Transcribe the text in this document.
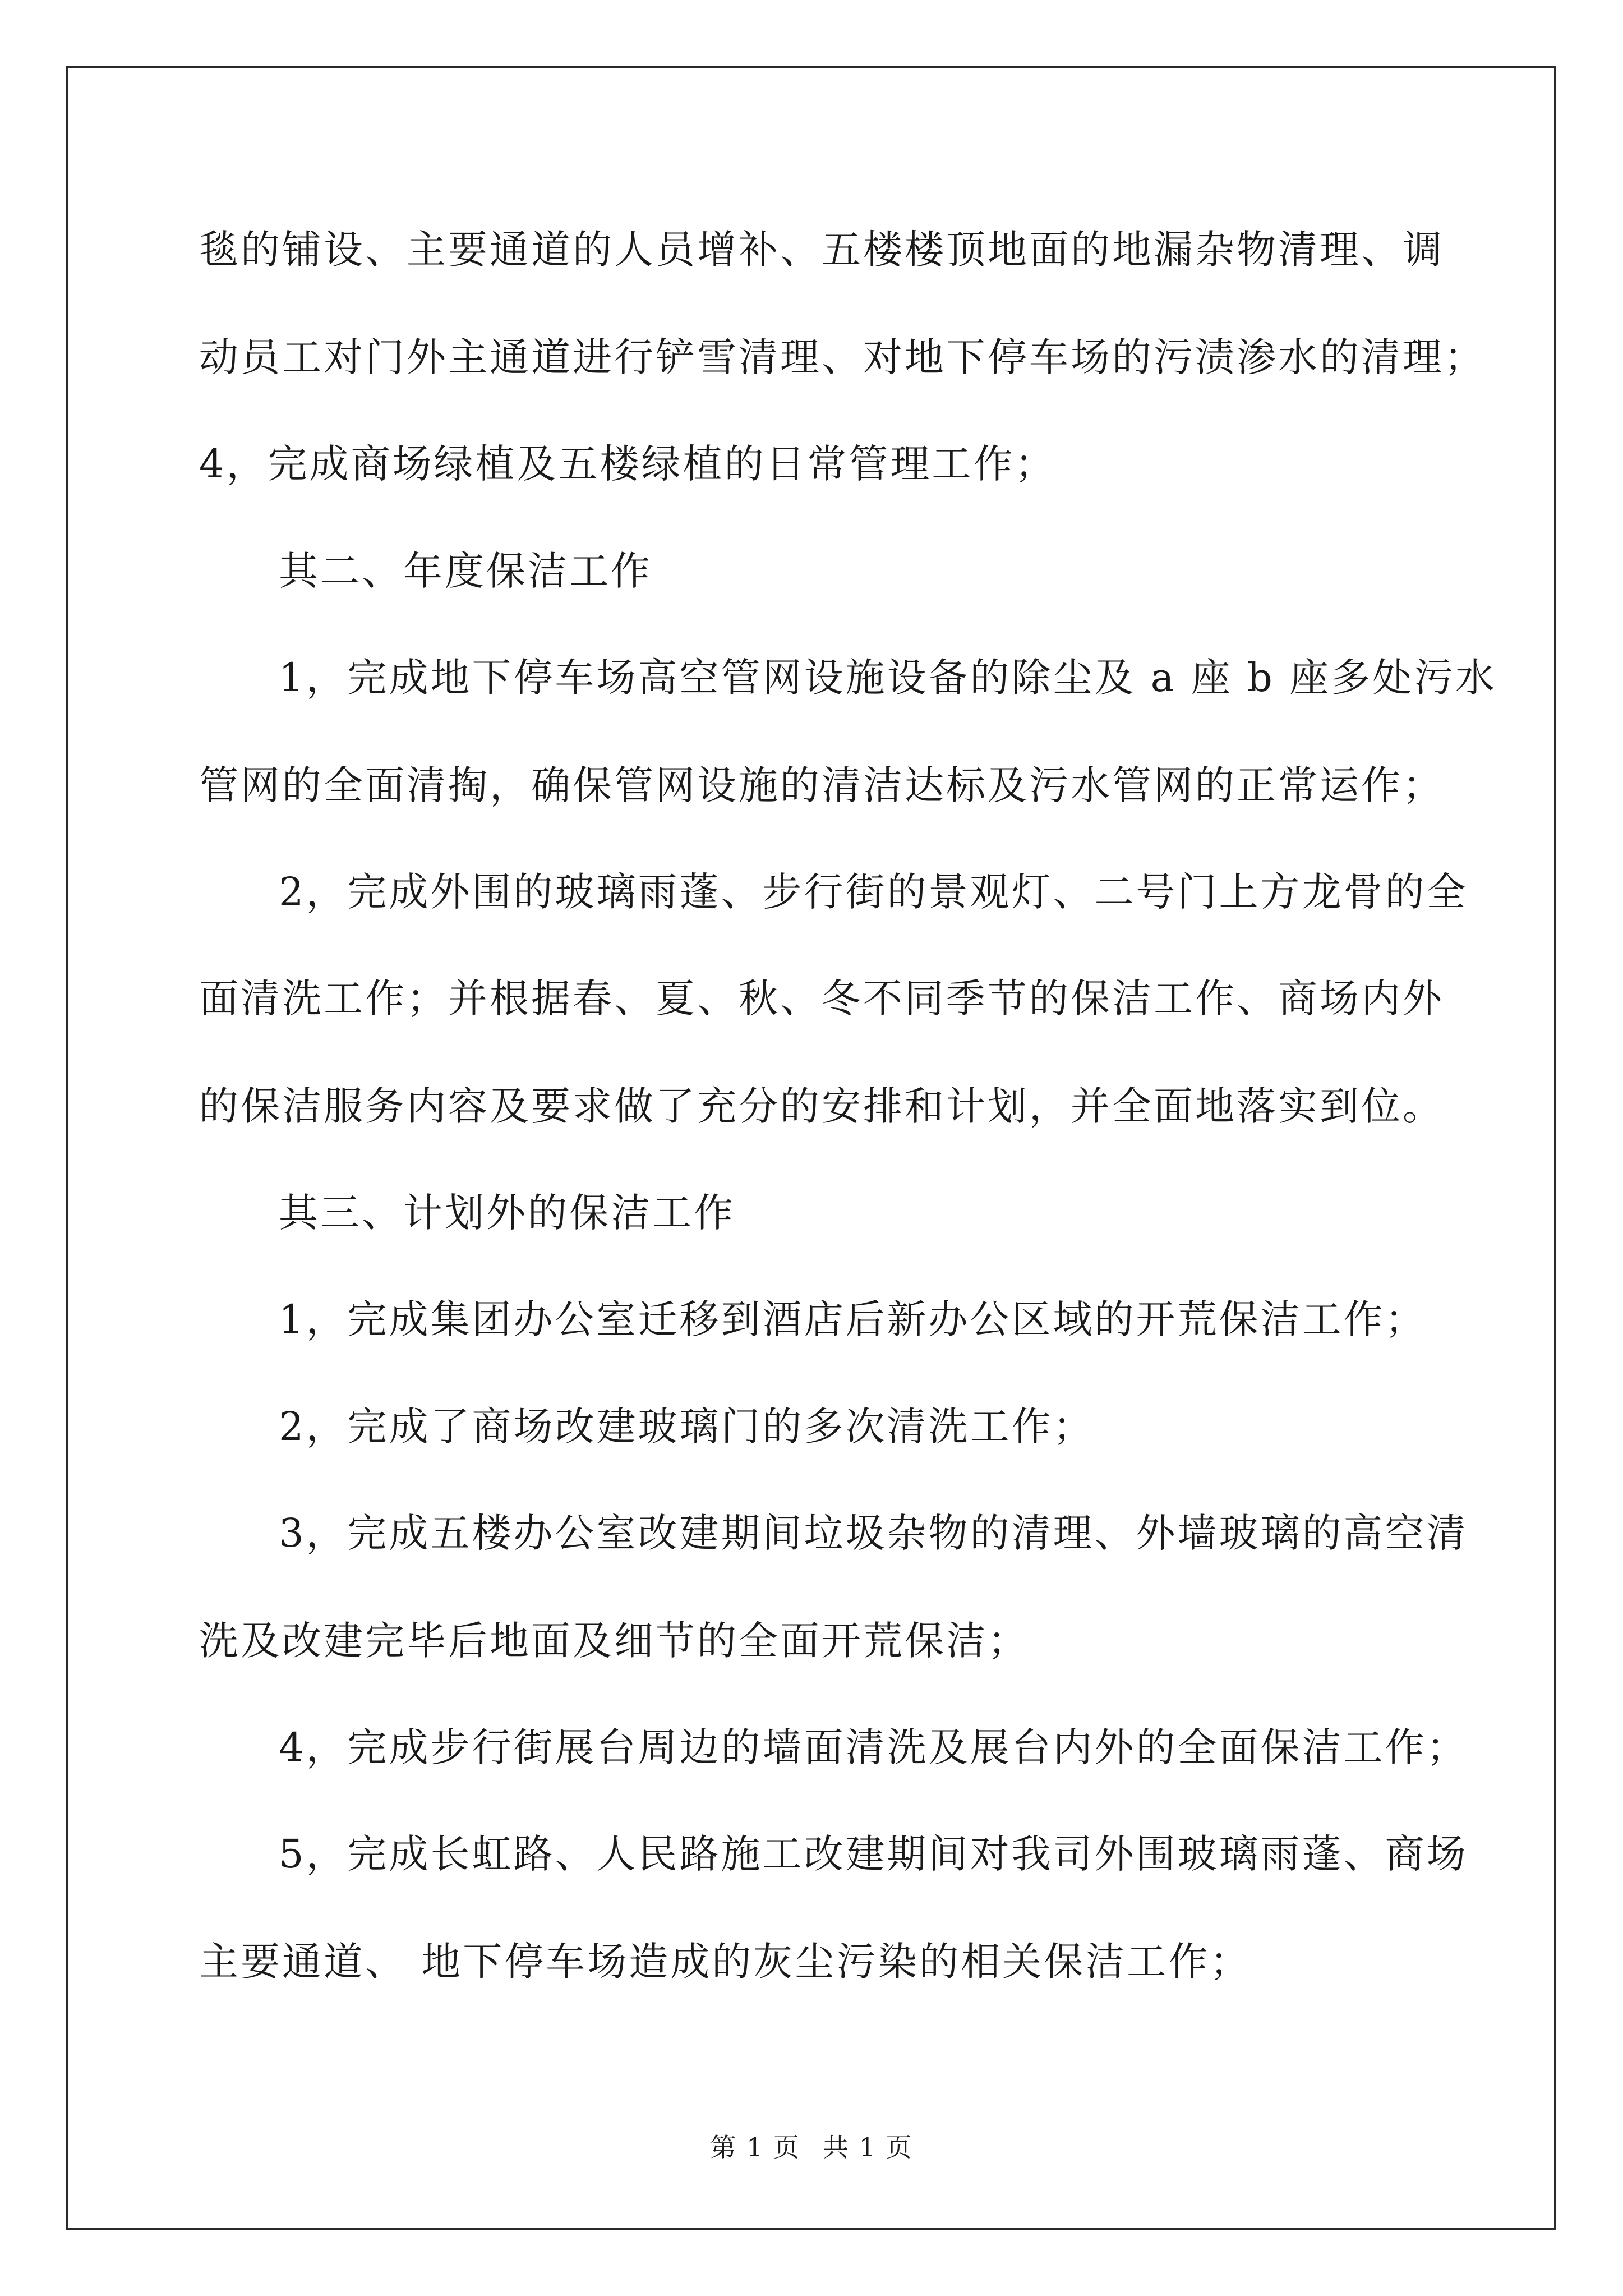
毯的铺设、主要通道的人员增补、五楼楼顶地面的地漏杂物清理、调
动员工对门外主通道进行铲雪清理、对地下停车场的污渍渗水的清理；
4，完成商场绿植及五楼绿植的日常管理工作；
其二、年度保洁工作
1，完成地下停车场高空管网设施设备的除尘及 a 座 b 座多处污水
管网的全面清掏，确保管网设施的清洁达标及污水管网的正常运作；
2，完成外围的玻璃雨蓬、步行街的景观灯、二号门上方龙骨的全
面清洗工作；并根据春、夏、秋、冬不同季节的保洁工作、商场内外
的保洁服务内容及要求做了充分的安排和计划，并全面地落实到位。
其三、计划外的保洁工作
1，完成集团办公室迁移到酒店后新办公区域的开荒保洁工作；
2，完成了商场改建玻璃门的多次清洗工作；
3，完成五楼办公室改建期间垃圾杂物的清理、外墙玻璃的高空清
洗及改建完毕后地面及细节的全面开荒保洁；
4，完成步行街展台周边的墙面清洗及展台内外的全面保洁工作；
5，完成长虹路、人民路施工改建期间对我司外围玻璃雨蓬、商场
主要通道、 地下停车场造成的灰尘污染的相关保洁工作；
第 1 页 共 1 页
